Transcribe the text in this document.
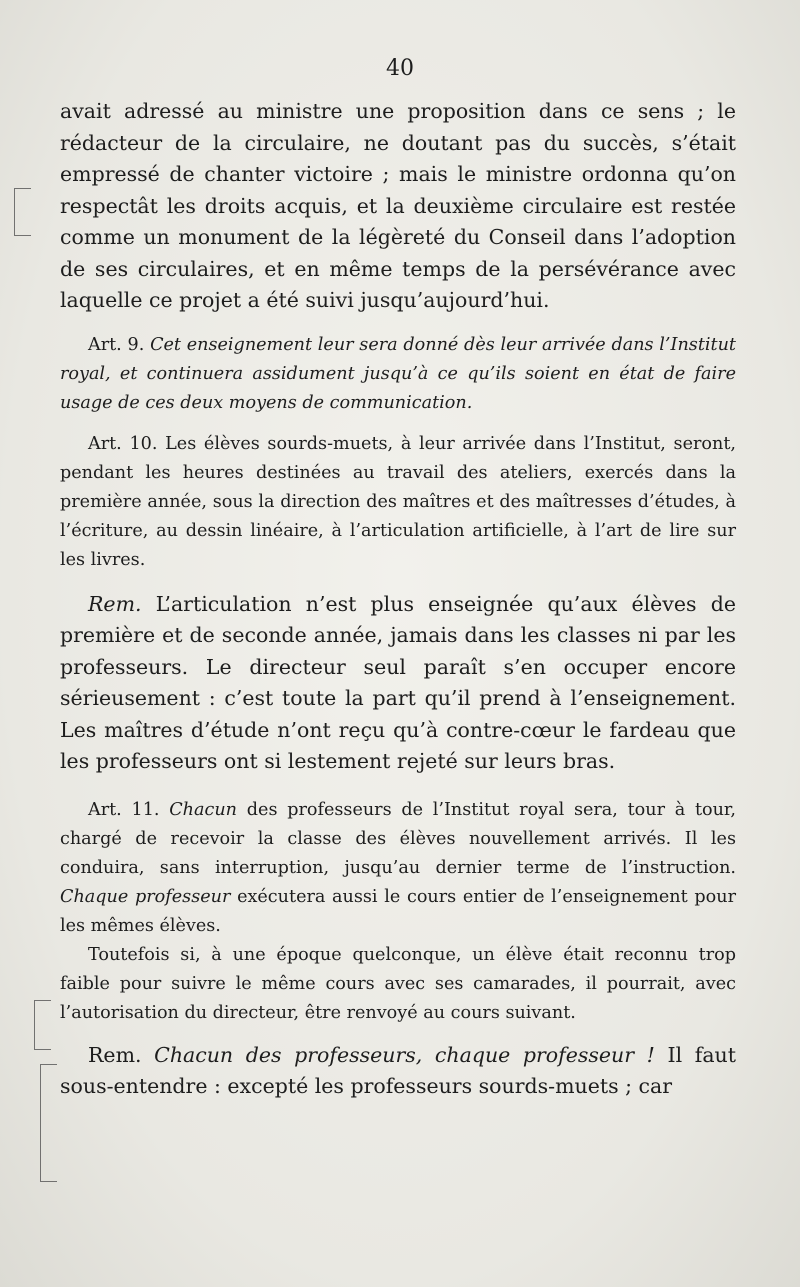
40

avait adressé au ministre une proposition dans ce sens ; le rédacteur de la circulaire, ne doutant pas du succès, s’était empressé de chanter victoire ; mais le ministre ordonna qu’on respectât les droits acquis, et la deuxième circulaire est restée comme un monument de la légèreté du Conseil dans l’adoption de ses circulaires, et en même temps de la persévérance avec laquelle ce projet a été suivi jusqu’aujourd’hui.

Art. 9. Cet enseignement leur sera donné dès leur arrivée dans l’Institut royal, et continuera assidument jusqu’à ce qu’ils soient en état de faire usage de ces deux moyens de communication.

Art. 10. Les élèves sourds-muets, à leur arrivée dans l’Institut, seront, pendant les heures destinées au travail des ateliers, exercés dans la première année, sous la direction des maîtres et des maîtresses d’études, à l’écriture, au dessin linéaire, à l’articulation artificielle, à l’art de lire sur les livres.

Rem. L’articulation n’est plus enseignée qu’aux élèves de première et de seconde année, jamais dans les classes ni par les professeurs. Le directeur seul paraît s’en occuper encore sérieusement : c’est toute la part qu’il prend à l’enseignement. Les maîtres d’étude n’ont reçu qu’à contre-cœur le fardeau que les professeurs ont si lestement rejeté sur leurs bras.

Art. 11. Chacun des professeurs de l’Institut royal sera, tour à tour, chargé de recevoir la classe des élèves nouvellement arrivés. Il les conduira, sans interruption, jusqu’au dernier terme de l’instruction. Chaque professeur exécutera aussi le cours entier de l’enseignement pour les mêmes élèves.

Toutefois si, à une époque quelconque, un élève était reconnu trop faible pour suivre le même cours avec ses camarades, il pourrait, avec l’autorisation du directeur, être renvoyé au cours suivant.

Rem. Chacun des professeurs, chaque professeur ! Il faut sous-entendre : excepté les professeurs sourds-muets ; car
